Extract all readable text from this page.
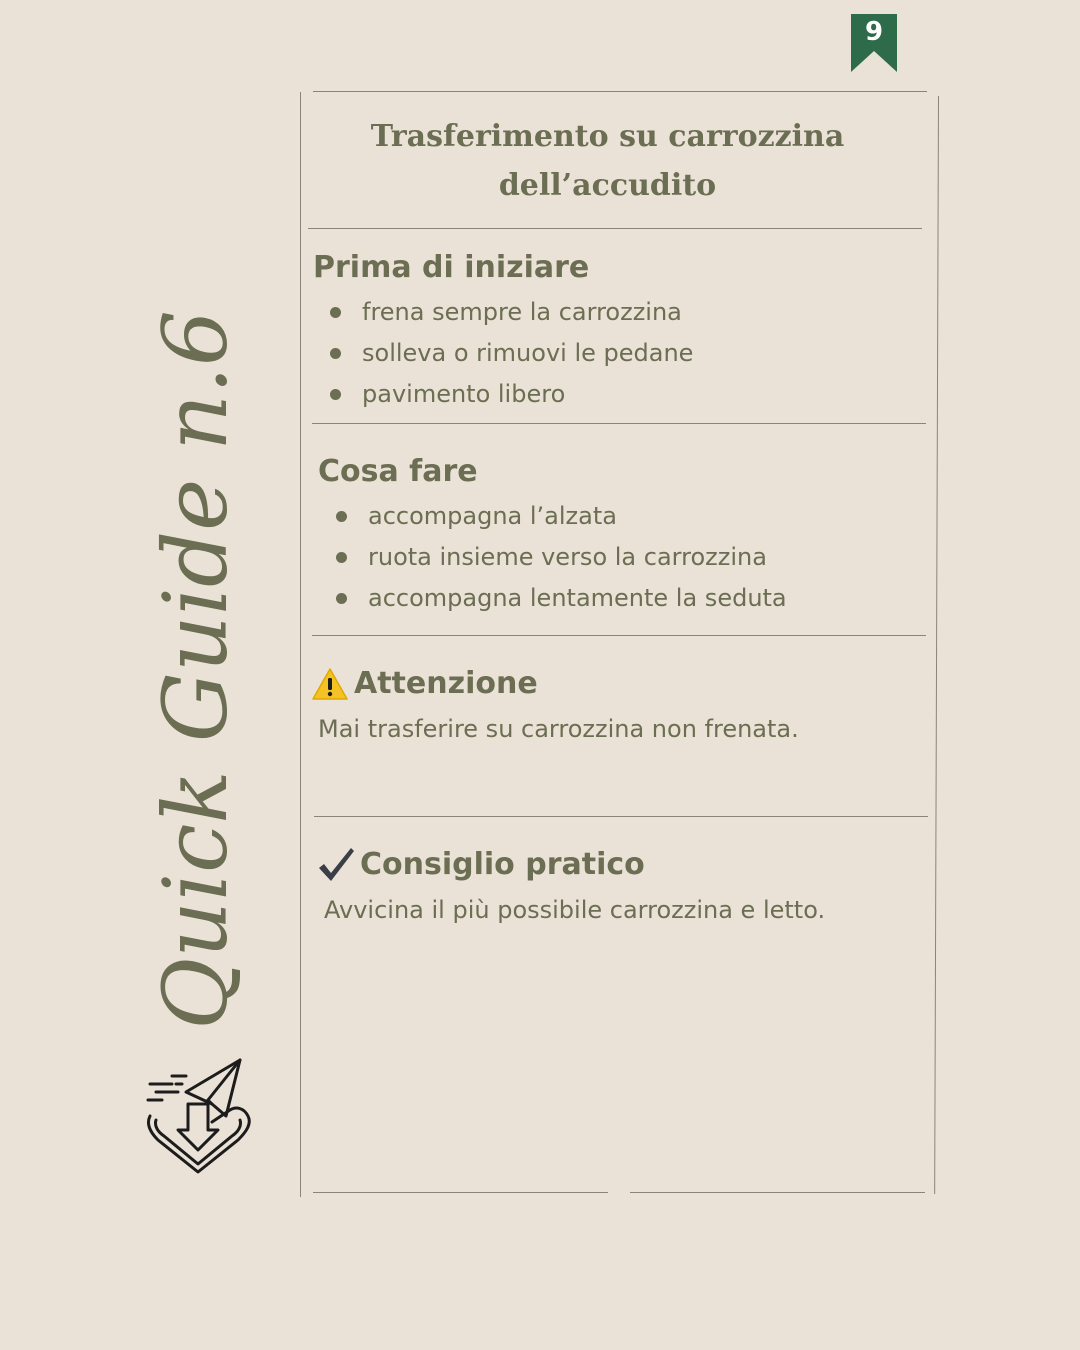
9
Quick Guide n.6
Trasferimento su carrozzina dell’accudito
Prima di iniziare
frena sempre la carrozzina
solleva o rimuovi le pedane
pavimento libero
Cosa fare
accompagna l’alzata
ruota insieme verso la carrozzina
accompagna lentamente la seduta
Attenzione
Mai trasferire su carrozzina non frenata.
Consiglio pratico
Avvicina il più possibile carrozzina e letto.
